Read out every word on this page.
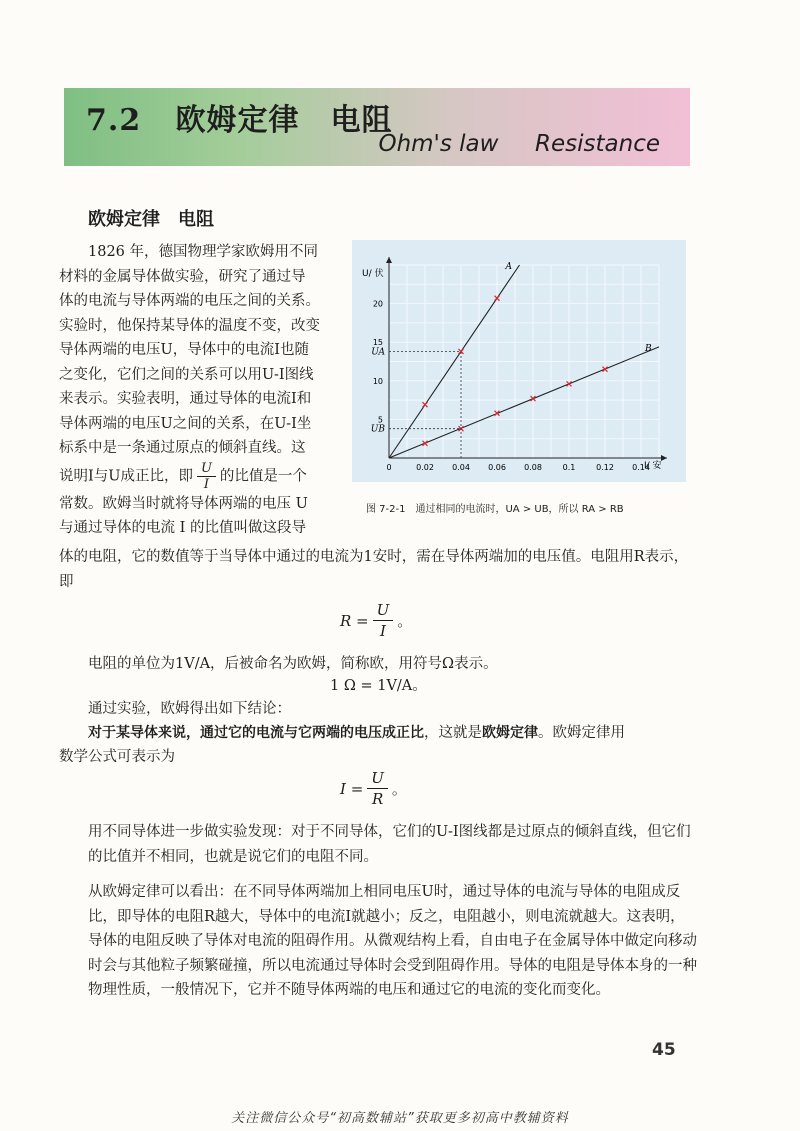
7.2 欧姆定律　电阻
Ohm's law     Resistance
欧姆定律　电阻
1826 年，德国物理学家欧姆用不同
材料的金属导体做实验，研究了通过导
体的电流与导体两端的电压之间的关系。
实验时，他保持某导体的温度不变，改变
导体两端的电压U，导体中的电流I也随
之变化，它们之间的关系可以用U-I图线
来表示。实验表明，通过导体的电流I和
导体两端的电压U之间的关系，在U-I坐
标系中是一条通过原点的倾斜直线。这
说明I与U成正比，即 $\frac{U}{I}$ 的比值是一个
常数。欧姆当时就将导体两端的电压 U
与通过导体的电流 I 的比值叫做这段导
0	0.02 0.04 0.06 0.08	0.1	0.12 0.14
5
10
15
20
A
B
UA
UB
U/ 伏
I/ 安
图 7-2-1　通过相同的电流时，UA > UB，所以 RA > RB
体的电阻，它的数值等于当导体中通过的电流为1安时，需在导体两端加的电压值。电阻用R表示，即
$R = \frac{U}{I}$ 。
电阻的单位为1V/A，后被命名为欧姆，简称欧，用符号Ω表示。
1 Ω = 1V/A。
通过实验，欧姆得出如下结论：
对于某导体来说，通过它的电流与它两端的电压成正比，这就是欧姆定律。欧姆定律用
数学公式可表示为
$I = \frac{U}{R}$ 。
用不同导体进一步做实验发现：对于不同导体，它们的U-I图线都是过原点的倾斜直线，但它们的比值并不相同，也就是说它们的电阻不同。
从欧姆定律可以看出：在不同导体两端加上相同电压U时，通过导体的电流与导体的电阻成反比，即导体的电阻R越大，导体中的电流I就越小；反之，电阻越小，则电流就越大。这表明，导体的电阻反映了导体对电流的阻碍作用。从微观结构上看，自由电子在金属导体中做定向移动时会与其他粒子频繁碰撞，所以电流通过导体时会受到阻碍作用。导体的电阻是导体本身的一种物理性质，一般情况下，它并不随导体两端的电压和通过它的电流的变化而变化。
45
关注微信公众号“初高数辅站”获取更多初高中教辅资料
